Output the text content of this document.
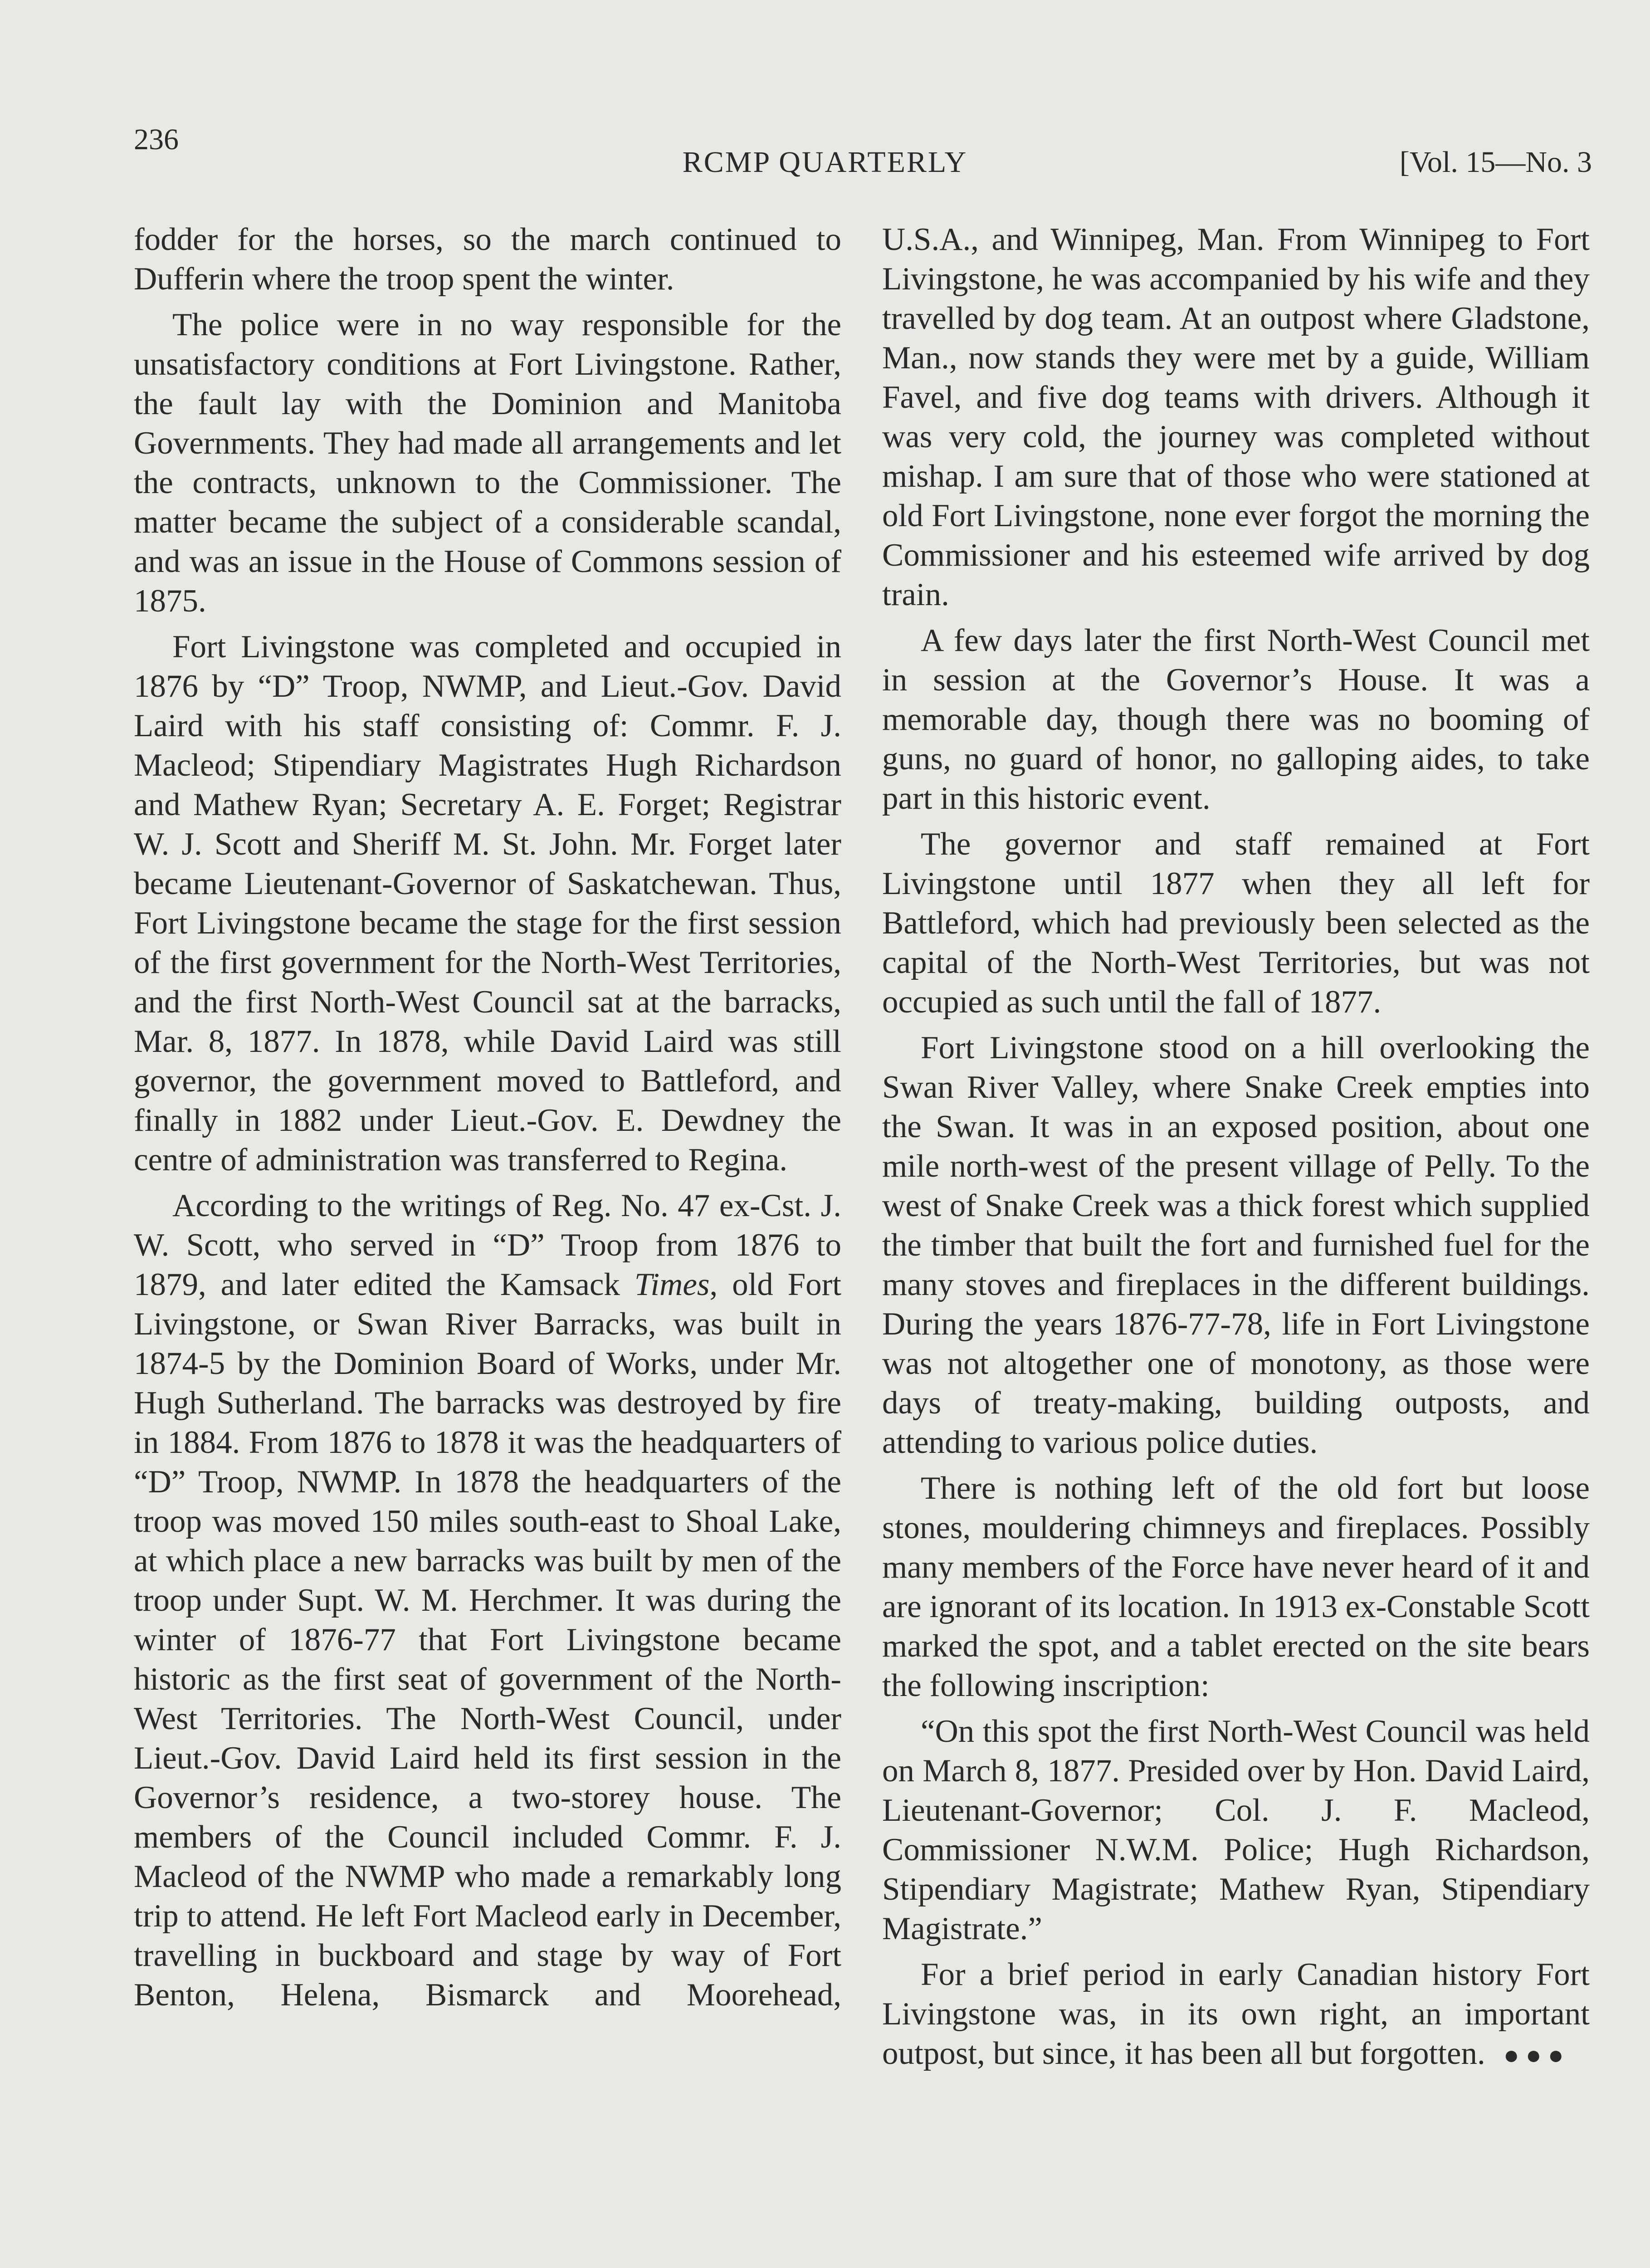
236
RCMP QUARTERLY	[Vol. 15—No. 3

fodder for the horses, so the march continued to Dufferin where the troop spent the winter.

The police were in no way responsible for the unsatisfactory conditions at Fort Livingstone. Rather, the fault lay with the Dominion and Manitoba Governments. They had made all arrangements and let the contracts, unknown to the Commissioner. The matter became the subject of a considerable scandal, and was an issue in the House of Commons session of 1875.

Fort Livingstone was completed and occupied in 1876 by “D” Troop, NWMP, and Lieut.-Gov. David Laird with his staff consisting of: Commr. F. J. Macleod; Stipendiary Magistrates Hugh Richardson and Mathew Ryan; Secretary A. E. Forget; Registrar W. J. Scott and Sheriff M. St. John. Mr. Forget later became Lieutenant-Governor of Saskatchewan. Thus, Fort Livingstone became the stage for the first session of the first government for the North-West Territories, and the first North-West Council sat at the barracks, Mar. 8, 1877. In 1878, while David Laird was still governor, the government moved to Battleford, and finally in 1882 under Lieut.-Gov. E. Dewdney the centre of administration was transferred to Regina.

According to the writings of Reg. No. 47 ex-Cst. J. W. Scott, who served in “D” Troop from 1876 to 1879, and later edited the Kamsack Times, old Fort Livingstone, or Swan River Barracks, was built in 1874-5 by the Dominion Board of Works, under Mr. Hugh Sutherland. The barracks was destroyed by fire in 1884. From 1876 to 1878 it was the headquarters of “D” Troop, NWMP. In 1878 the headquarters of the troop was moved 150 miles south-east to Shoal Lake, at which place a new barracks was built by men of the troop under Supt. W. M. Herchmer. It was during the winter of 1876-77 that Fort Livingstone became historic as the first seat of government of the North-West Territories. The North-West Council, under Lieut.-Gov. David Laird held its first session in the Governor’s residence, a two-storey house. The members of the Council included Commr. F. J. Macleod of the NWMP who made a remarkably long trip to attend. He left Fort Macleod early in December, travelling in buckboard and stage by way of Fort Benton, Helena, Bismarck and Moorehead,

U.S.A., and Winnipeg, Man. From Winnipeg to Fort Livingstone, he was accompanied by his wife and they travelled by dog team. At an outpost where Gladstone, Man., now stands they were met by a guide, William Favel, and five dog teams with drivers. Although it was very cold, the journey was completed without mishap. I am sure that of those who were stationed at old Fort Livingstone, none ever forgot the morning the Commissioner and his esteemed wife arrived by dog train.

A few days later the first North-West Council met in session at the Governor’s House. It was a memorable day, though there was no booming of guns, no guard of honor, no galloping aides, to take part in this historic event.

The governor and staff remained at Fort Livingstone until 1877 when they all left for Battleford, which had previously been selected as the capital of the North-West Territories, but was not occupied as such until the fall of 1877.

Fort Livingstone stood on a hill overlooking the Swan River Valley, where Snake Creek empties into the Swan. It was in an exposed position, about one mile north-west of the present village of Pelly. To the west of Snake Creek was a thick forest which supplied the timber that built the fort and furnished fuel for the many stoves and fireplaces in the different buildings. During the years 1876-77-78, life in Fort Livingstone was not altogether one of monotony, as those were days of treaty-making, building outposts, and attending to various police duties.

There is nothing left of the old fort but loose stones, mouldering chimneys and fireplaces. Possibly many members of the Force have never heard of it and are ignorant of its location. In 1913 ex-Constable Scott marked the spot, and a tablet erected on the site bears the following inscription:

“On this spot the first North-West Council was held on March 8, 1877. Presided over by Hon. David Laird, Lieutenant-Governor; Col. J. F. Macleod, Commissioner N.W.M. Police; Hugh Richardson, Stipendiary Magistrate; Mathew Ryan, Stipendiary Magistrate.”

For a brief period in early Canadian history Fort Livingstone was, in its own right, an important outpost, but since, it has been all but forgotten. ●●●
